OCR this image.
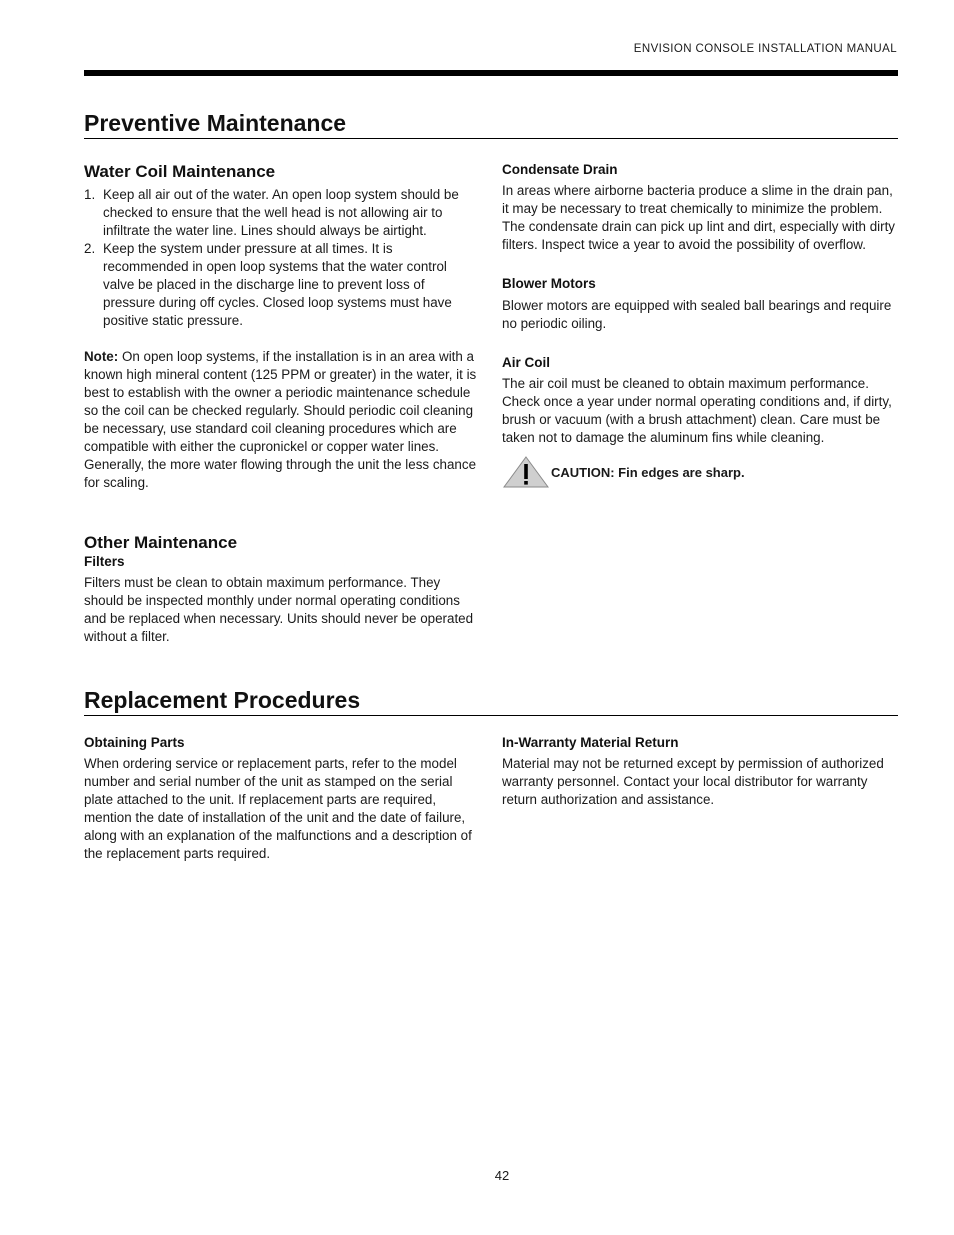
ENVISION CONSOLE INSTALLATION MANUAL
Preventive Maintenance
Water Coil Maintenance
1. Keep all air out of the water. An open loop system should be checked to ensure that the well head is not allowing air to infiltrate the water line. Lines should always be airtight.

2. Keep the system under pressure at all times. It is recommended in open loop systems that the water control valve be placed in the discharge line to prevent loss of pressure during off cycles. Closed loop systems must have positive static pressure.

Note: On open loop systems, if the installation is in an area with a known high mineral content (125 PPM or greater) in the water, it is best to establish with the owner a periodic maintenance schedule so the coil can be checked regularly. Should periodic coil cleaning be necessary, use standard coil cleaning procedures which are compatible with either the cupronickel or copper water lines. Generally, the more water flowing through the unit the less chance for scaling.

Other Maintenance
Filters

Filters must be clean to obtain maximum performance. They should be inspected monthly under normal operating conditions and be replaced when necessary. Units should never be operated without a filter.

Condensate Drain

In areas where airborne bacteria produce a slime in the drain pan, it may be necessary to treat chemically to minimize the problem. The condensate drain can pick up lint and dirt, especially with dirty filters. Inspect twice a year to avoid the possibility of overflow.

Blower Motors

Blower motors are equipped with sealed ball bearings and require no periodic oiling.

Air Coil

The air coil must be cleaned to obtain maximum performance. Check once a year under normal operating conditions and, if dirty, brush or vacuum (with a brush attachment) clean. Care must be taken not to damage the aluminum fins while cleaning.

CAUTION: Fin edges are sharp.
Replacement Procedures
Obtaining Parts

When ordering service or replacement parts, refer to the model number and serial number of the unit as stamped on the serial plate attached to the unit. If replacement parts are required, mention the date of installation of the unit and the date of failure, along with an explanation of the malfunctions and a description of the replacement parts required.

In-Warranty Material Return

Material may not be returned except by permission of authorized warranty personnel. Contact your local distributor for warranty return authorization and assistance.

42
